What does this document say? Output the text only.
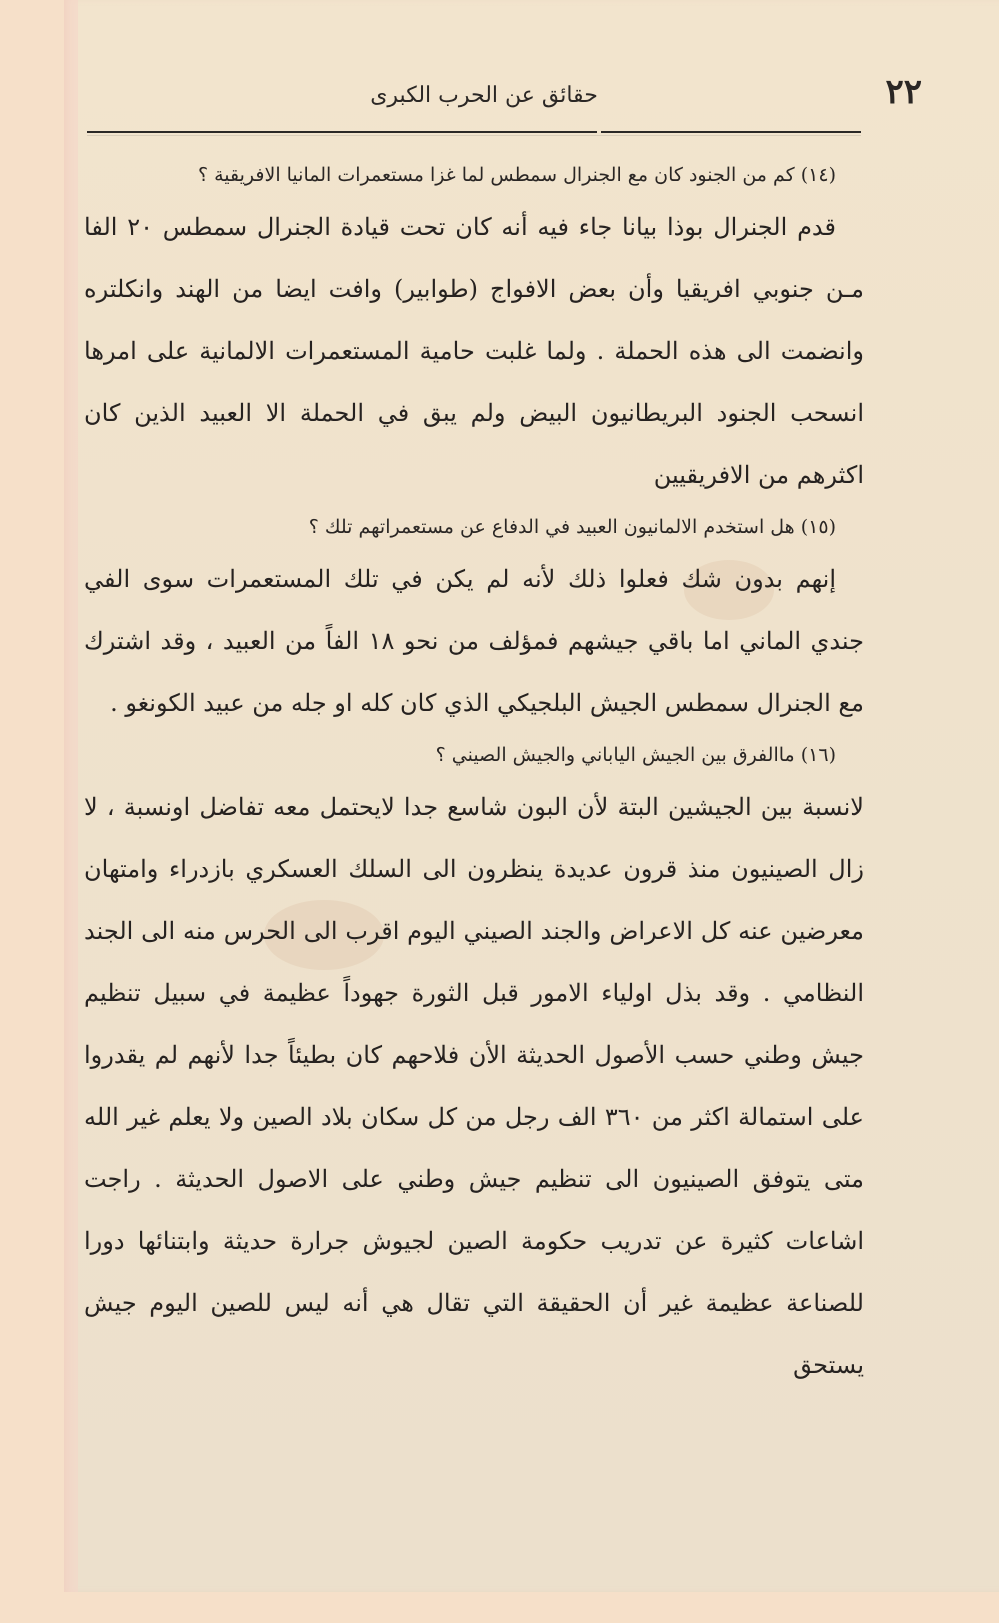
٢٢
حقائق عن الحرب الكبرى
(١٤) كم من الجنود كان مع الجنرال سمطس لما غزا مستعمرات المانيا الافريقية ؟
قدم الجنرال بوذا بيانا جاء فيه أنه كان تحت قيادة الجنرال سمطس ٢٠ الفا مـن جنوبي افريقيا وأن بعض الافواج (طوابير) وافت ايضا من الهند وانكلتره وانضمت الى هذه الحملة . ولما غلبت حامية المستعمرات الالمانية على امرها انسحب الجنود البريطانيون البيض ولم يبق في الحملة الا العبيد الذين كان اكثرهم من الافريقيين
(١٥) هل استخدم الالمانيون العبيد في الدفاع عن مستعمراتهم تلك ؟
إنهم بدون شك فعلوا ذلك لأنه لم يكن في تلك المستعمرات سوى الفي جندي الماني اما باقي جيشهم فمؤلف من نحو ١٨ الفاً من العبيد ، وقد اشترك مع الجنرال سمطس الجيش البلجيكي الذي كان كله او جله من عبيد الكونغو .
(١٦) ماالفرق بين الجيش الياباني والجيش الصيني ؟
لانسبة بين الجيشين البتة لأن البون شاسع جدا لايحتمل معه تفاضل اونسبة ، لا زال الصينيون منذ قرون عديدة ينظرون الى السلك العسكري بازدراء وامتهان معرضين عنه كل الاعراض والجند الصيني اليوم اقرب الى الحرس منه الى الجند النظامي . وقد بذل اولياء الامور قبل الثورة جهوداً عظيمة في سبيل تنظيم جيش وطني حسب الأصول الحديثة الأن فلاحهم كان بطيئاً جدا لأنهم لم يقدروا على استمالة اكثر من ٣٦٠ الف رجل من كل سكان بلاد الصين ولا يعلم غير الله متى يتوفق الصينيون الى تنظيم جيش وطني على الاصول الحديثة . راجت اشاعات كثيرة عن تدريب حكومة الصين لجيوش جرارة حديثة وابتنائها دورا للصناعة عظيمة غير أن الحقيقة التي تقال هي أنه ليس للصين اليوم جيش يستحق
